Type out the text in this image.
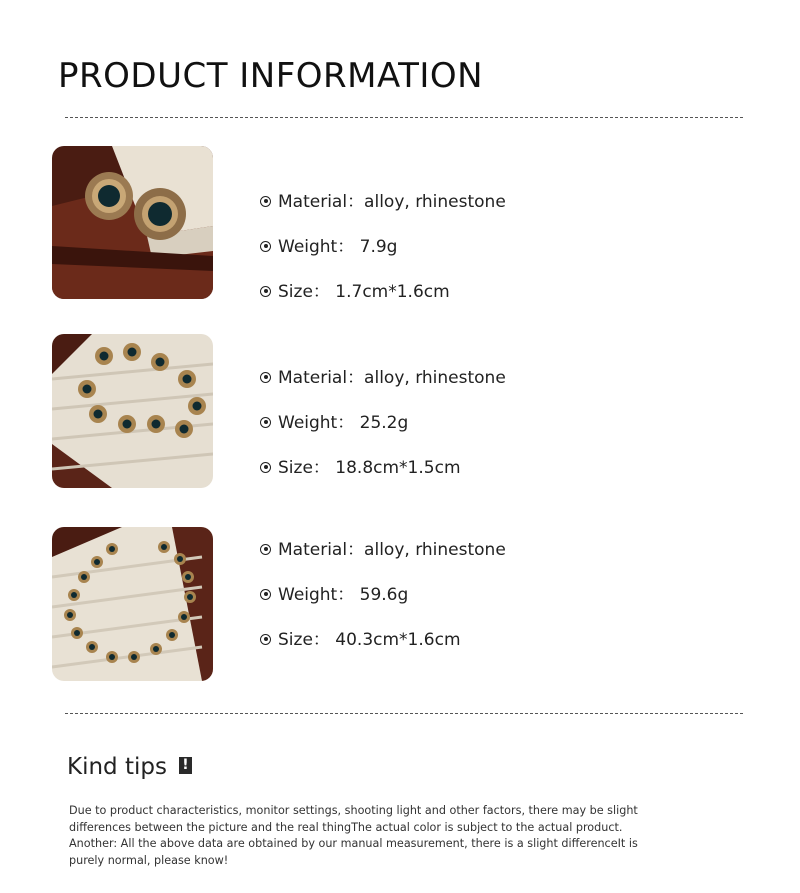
PRODUCT INFORMATION
Material：alloy, rhinestone
Weight： 7.9g
Size： 1.7cm*1.6cm
Material：alloy, rhinestone
Weight： 25.2g
Size： 18.8cm*1.5cm
Material：alloy, rhinestone
Weight： 59.6g
Size： 40.3cm*1.6cm
Kind tips !
Due to product characteristics, monitor settings, shooting light and other factors, there may be slight differences between the picture and the real thingThe actual color is subject to the actual product. Another: All the above data are obtained by our manual measurement, there is a slight differenceIt is purely normal, please know!
